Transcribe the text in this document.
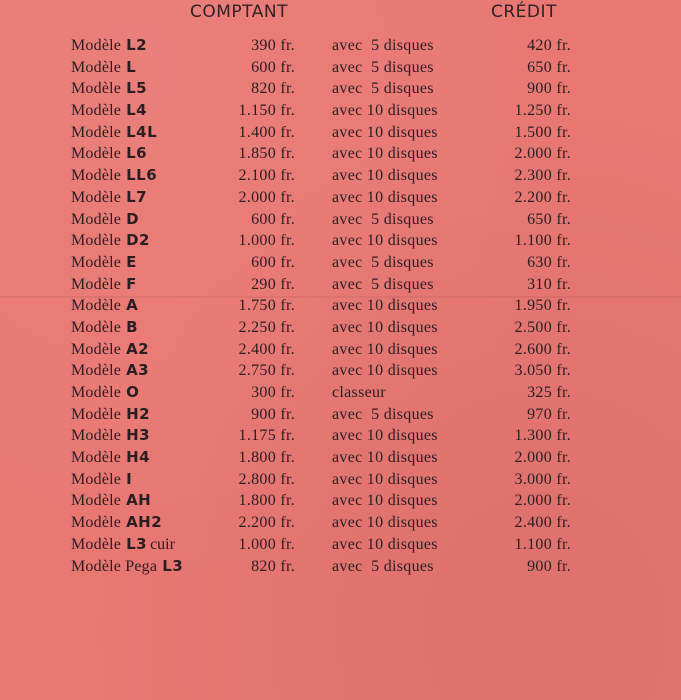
COMPTANT	CRÉDIT
Modèle L2	390 fr. avec  5 disques	420 fr.
Modèle L	600 fr. avec  5 disques	650 fr.
Modèle L5	820 fr. avec  5 disques	900 fr.
Modèle L4	1.150 fr. avec 10 disques	1.250 fr.
Modèle L4L	1.400 fr. avec 10 disques	1.500 fr.
Modèle L6	1.850 fr. avec 10 disques	2.000 fr.
Modèle LL6	2.100 fr. avec 10 disques	2.300 fr.
Modèle L7	2.000 fr. avec 10 disques	2.200 fr.
Modèle D	600 fr. avec  5 disques	650 fr.
Modèle D2	1.000 fr. avec 10 disques	1.100 fr.
Modèle E	600 fr. avec  5 disques	630 fr.
Modèle F	290 fr. avec  5 disques	310 fr.
Modèle A	1.750 fr. avec 10 disques	1.950 fr.
Modèle B	2.250 fr. avec 10 disques	2.500 fr.
Modèle A2	2.400 fr. avec 10 disques	2.600 fr.
Modèle A3	2.750 fr. avec 10 disques	3.050 fr.
Modèle O	300 fr. classeur	325 fr.
Modèle H2	900 fr. avec  5 disques	970 fr.
Modèle H3	1.175 fr. avec 10 disques	1.300 fr.
Modèle H4	1.800 fr. avec 10 disques	2.000 fr.
Modèle I	2.800 fr. avec 10 disques	3.000 fr.
Modèle AH	1.800 fr. avec 10 disques	2.000 fr.
Modèle AH2	2.200 fr. avec 10 disques	2.400 fr.
Modèle L3 cuir	1.000 fr. avec 10 disques	1.100 fr.
Modèle Pega L3	820 fr. avec  5 disques	900 fr.
